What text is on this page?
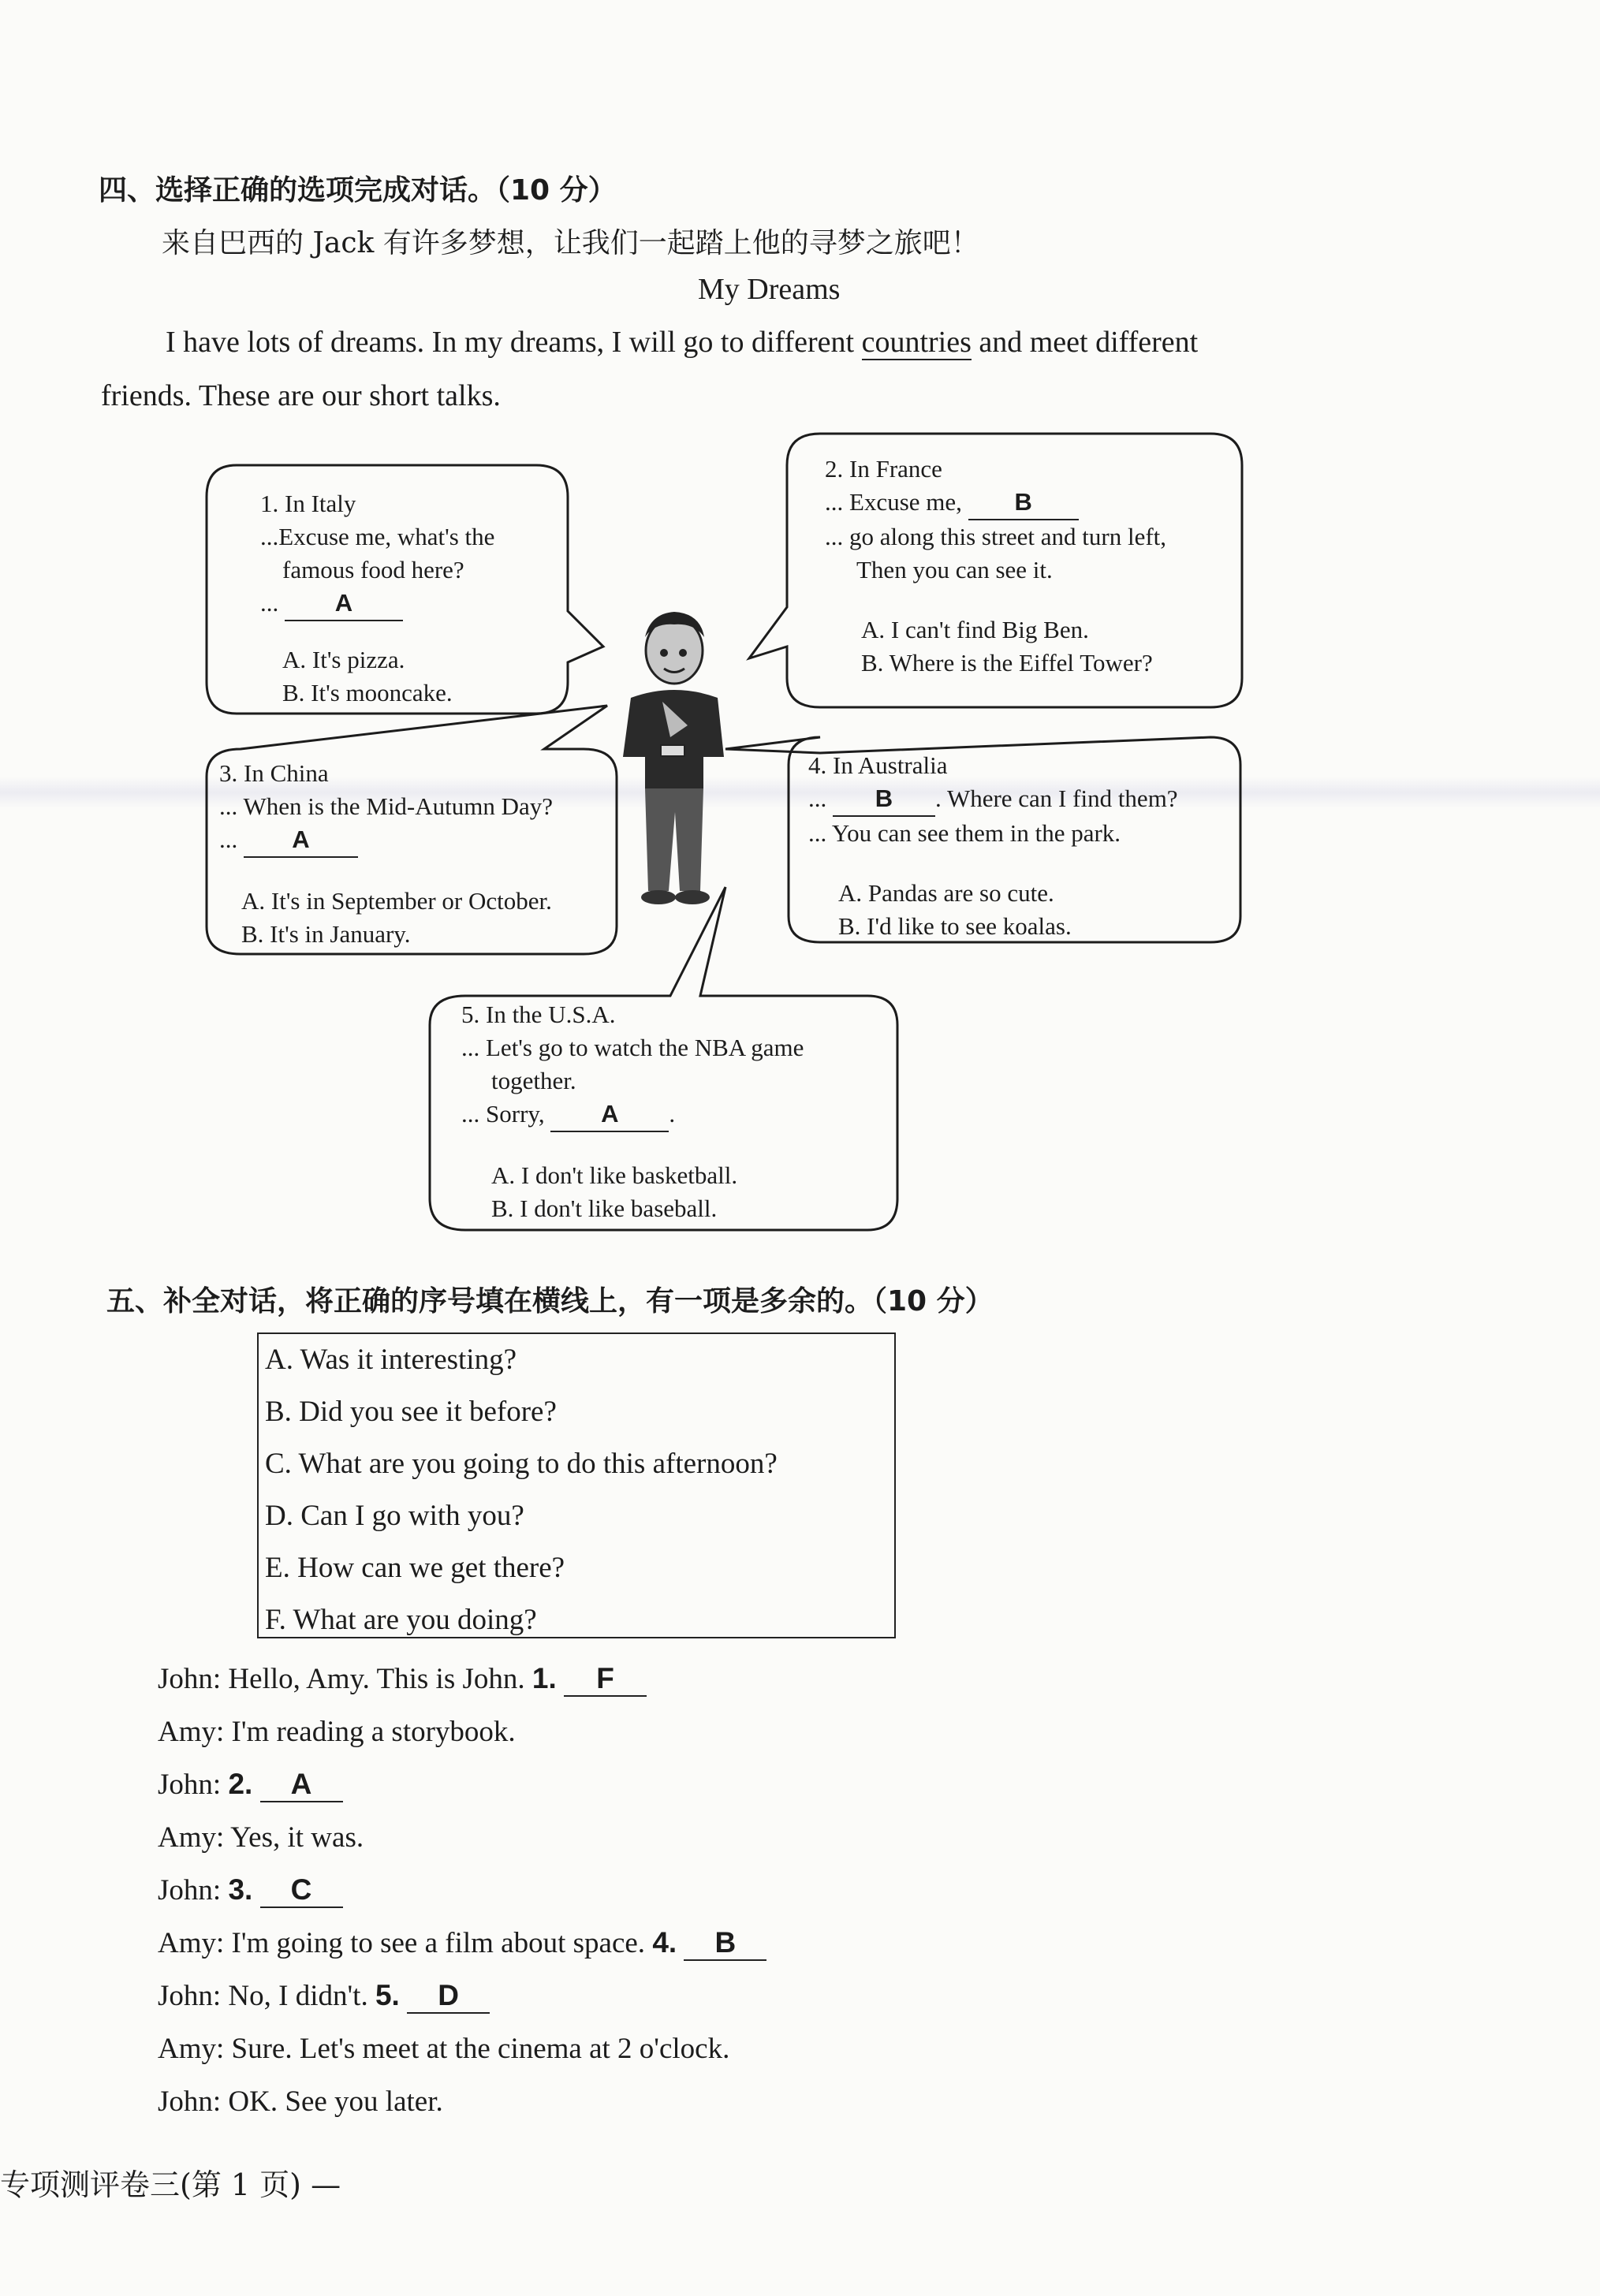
四、选择正确的选项完成对话。（10 分）
来自巴西的 Jack 有许多梦想，让我们一起踏上他的寻梦之旅吧！
My Dreams
I have lots of dreams. In my dreams, I will go to different countries and meet different
friends. These are our short talks.
1. In Italy
...Excuse me, what's the
famous food here?
... A
A. It's pizza.
B. It's mooncake.
2. In France
... Excuse me, B
... go along this street and turn left,
Then you can see it.
A. I can't find Big Ben.
B. Where is the Eiffel Tower?
3. In China
... When is the Mid-Autumn Day?
... A
A. It's in September or October.
B. It's in January.
4. In Australia
... B . Where can I find them?
... You can see them in the park.
A. Pandas are so cute.
B. I'd like to see koalas.
5. In the U.S.A.
... Let's go to watch the NBA game
together.
... Sorry, A .
A. I don't like basketball.
B. I don't like baseball.
五、补全对话，将正确的序号填在横线上，有一项是多余的。（10 分）
A. Was it interesting?
B. Did you see it before?
C. What are you going to do this afternoon?
D. Can I go with you?
E. How can we get there?
F. What are you doing?
John: Hello, Amy. This is John. 1. F
Amy: I'm reading a storybook.
John: 2. A
Amy: Yes, it was.
John: 3. C
Amy: I'm going to see a film about space. 4. B
John: No, I didn't. 5. D
Amy: Sure. Let's meet at the cinema at 2 o'clock.
John: OK. See you later.
专项测评卷三(第 1 页) —
